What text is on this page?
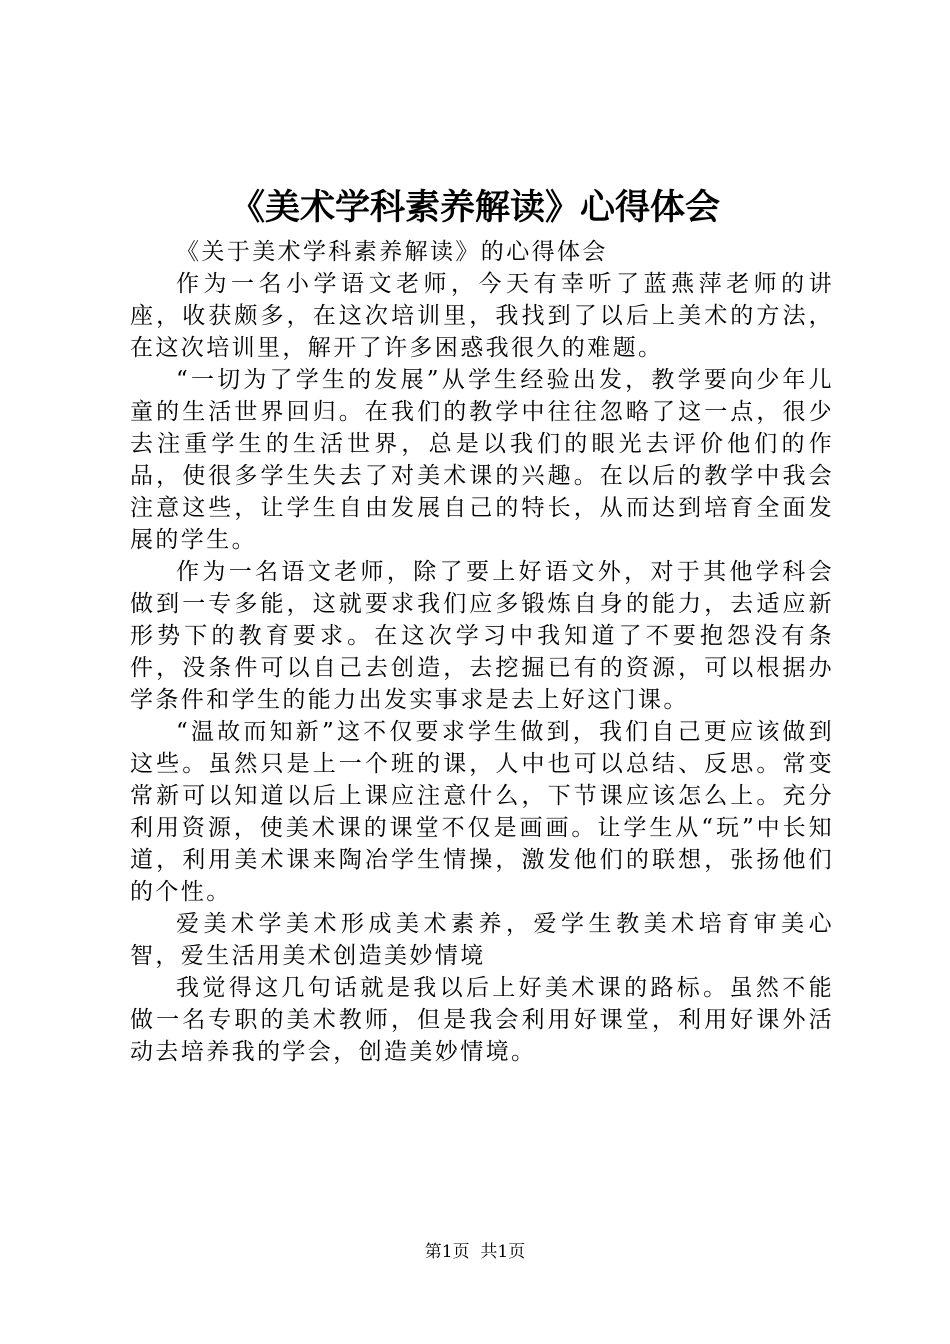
《美术学科素养解读》心得体会

《关于美术学科素养解读》的心得体会

作为一名小学语文老师，今天有幸听了蓝燕萍老师的讲座，收获颇多，在这次培训里，我找到了以后上美术的方法，在这次培训里，解开了许多困惑我很久的难题。

“一切为了学生的发展”从学生经验出发，教学要向少年儿童的生活世界回归。在我们的教学中往往忽略了这一点，很少去注重学生的生活世界，总是以我们的眼光去评价他们的作品，使很多学生失去了对美术课的兴趣。在以后的教学中我会注意这些，让学生自由发展自己的特长，从而达到培育全面发展的学生。

作为一名语文老师，除了要上好语文外，对于其他学科会做到一专多能，这就要求我们应多锻炼自身的能力，去适应新形势下的教育要求。在这次学习中我知道了不要抱怨没有条件，没条件可以自己去创造，去挖掘已有的资源，可以根据办学条件和学生的能力出发实事求是去上好这门课。

“温故而知新”这不仅要求学生做到，我们自己更应该做到这些。虽然只是上一个班的课，人中也可以总结、反思。常变常新可以知道以后上课应注意什么，下节课应该怎么上。充分利用资源，使美术课的课堂不仅是画画。让学生从“玩”中长知道，利用美术课来陶冶学生情操，激发他们的联想，张扬他们的个性。

爱美术学美术形成美术素养，爱学生教美术培育审美心智，爱生活用美术创造美妙情境

我觉得这几句话就是我以后上好美术课的路标。虽然不能做一名专职的美术教师，但是我会利用好课堂，利用好课外活动去培养我的学会，创造美妙情境。

第1页  共1页
